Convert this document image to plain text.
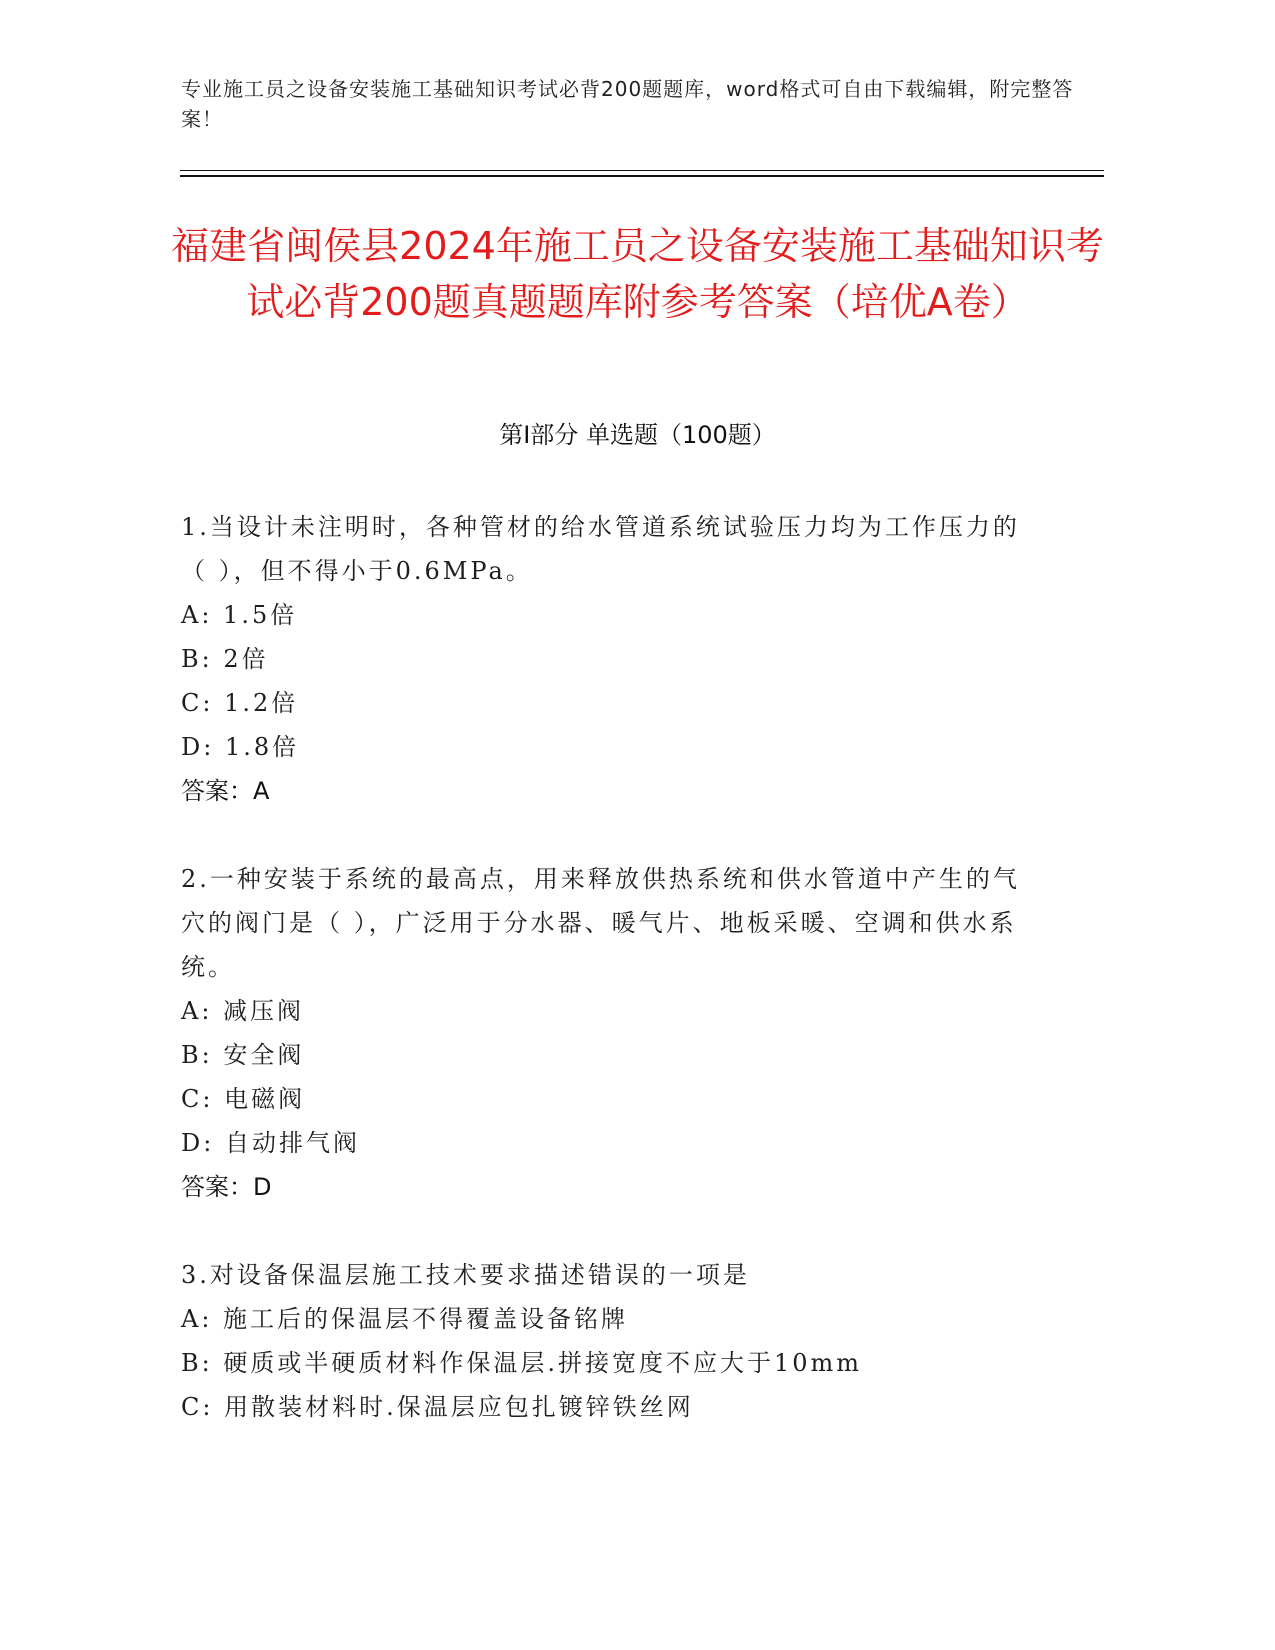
专业施工员之设备安装施工基础知识考试必背200题题库，word格式可自由下载编辑，附完整答案！
福建省闽侯县2024年施工员之设备安装施工基础知识考试必背200题真题题库附参考答案（培优A卷）
第Ⅰ部分 单选题（100题）
1.当设计未注明时，各种管材的给水管道系统试验压力均为工作压力的（ ），但不得小于0.6MPa。
A: 1.5倍
B: 2倍
C: 1.2倍
D: 1.8倍
答案：A
2.一种安装于系统的最高点，用来释放供热系统和供水管道中产生的气穴的阀门是（ ），广泛用于分水器、暖气片、地板采暖、空调和供水系统。
A: 减压阀
B: 安全阀
C: 电磁阀
D: 自动排气阀
答案：D
3.对设备保温层施工技术要求描述错误的一项是
A: 施工后的保温层不得覆盖设备铭牌
B: 硬质或半硬质材料作保温层.拼接宽度不应大于10mm
C: 用散装材料时.保温层应包扎镀锌铁丝网
